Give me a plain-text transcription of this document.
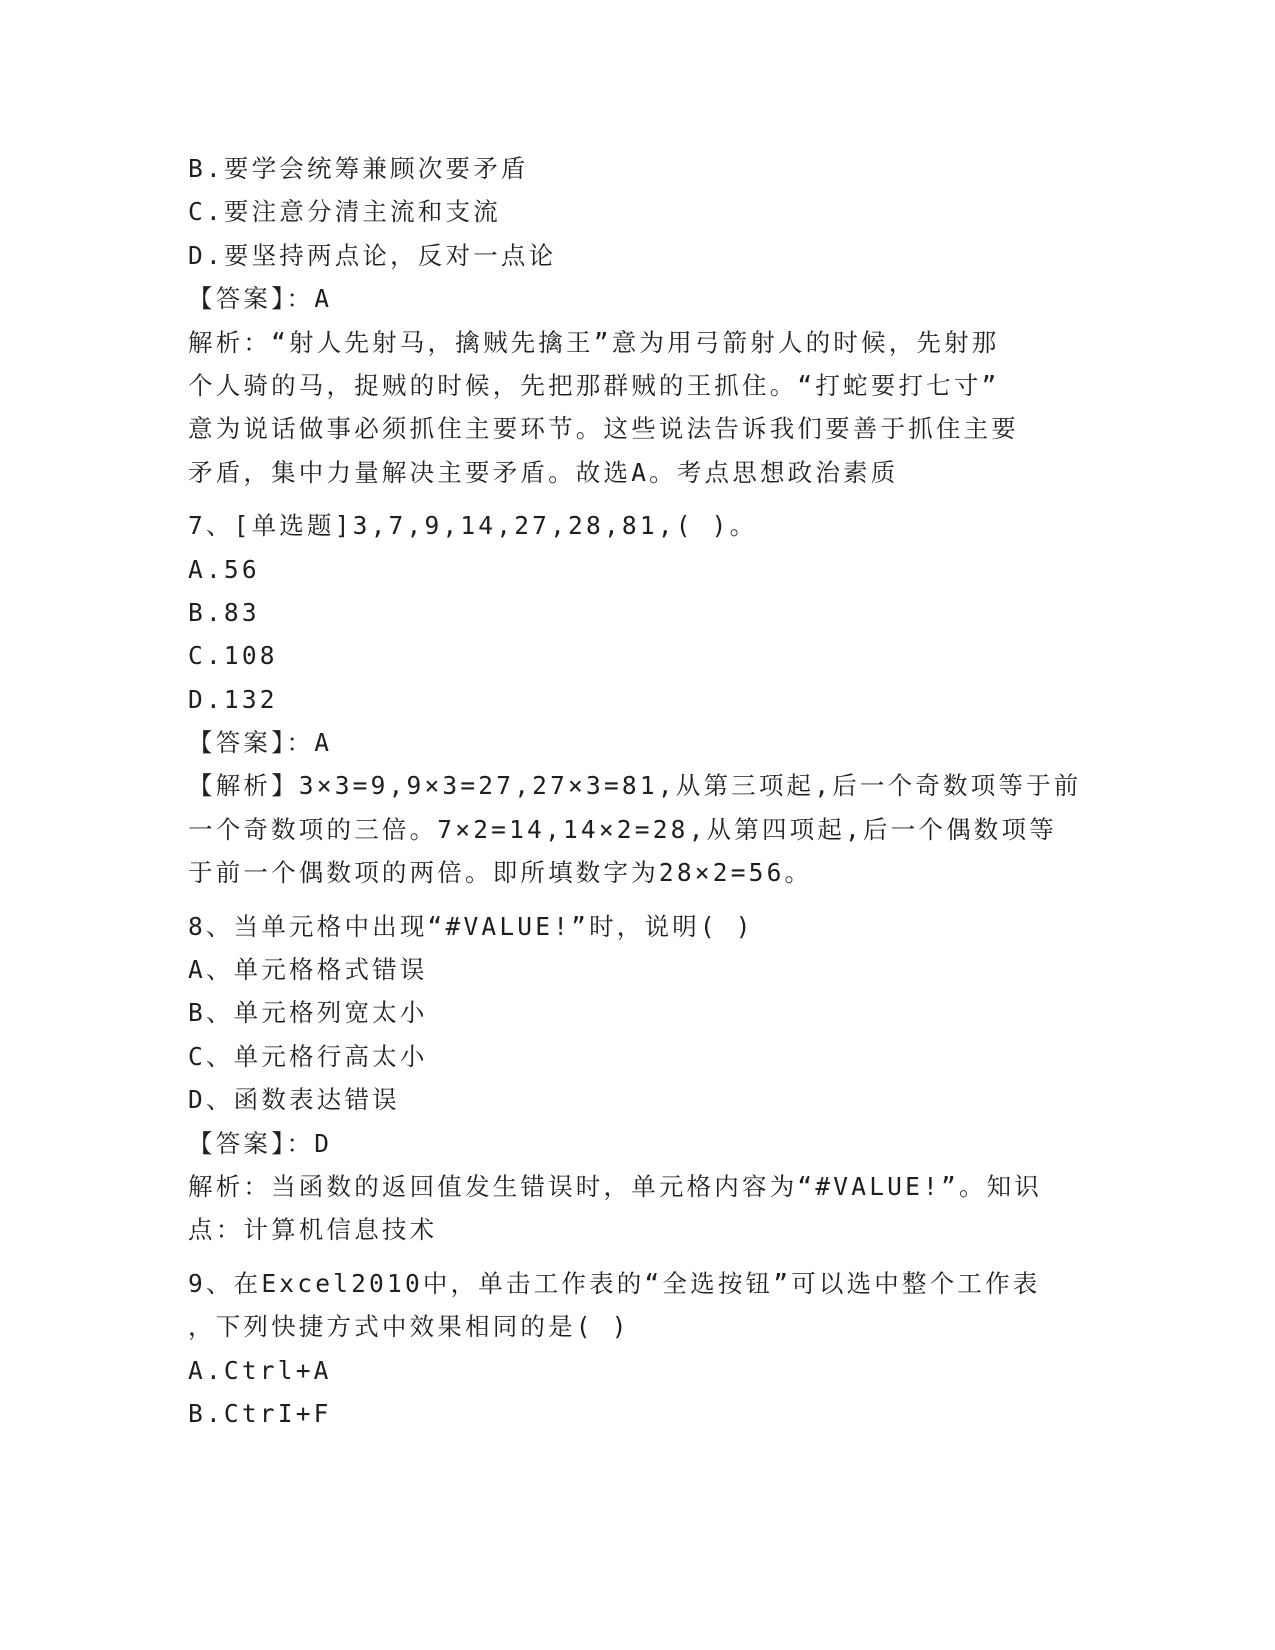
B.要学会统筹兼顾次要矛盾
C.要注意分清主流和支流
D.要坚持两点论，反对一点论
【答案】：A
解析：“射人先射马，擒贼先擒王”意为用弓箭射人的时候，先射那
个人骑的马，捉贼的时候，先把那群贼的王抓住。“打蛇要打七寸”
意为说话做事必须抓住主要环节。这些说法告诉我们要善于抓住主要
矛盾，集中力量解决主要矛盾。故选A。考点思想政治素质
7、[单选题]3,7,9,14,27,28,81,( )。
A.56
B.83
C.108
D.132
【答案】：A
【解析】3×3=9,9×3=27,27×3=81,从第三项起,后一个奇数项等于前
一个奇数项的三倍。7×2=14,14×2=28,从第四项起,后一个偶数项等
于前一个偶数项的两倍。即所填数字为28×2=56。
8、当单元格中出现“#VALUE!”时，说明( )
A、单元格格式错误
B、单元格列宽太小
C、单元格行高太小
D、函数表达错误
【答案】：D
解析：当函数的返回值发生错误时，单元格内容为“#VALUE!”。知识
点：计算机信息技术
9、在Excel2010中，单击工作表的“全选按钮”可以选中整个工作表
，下列快捷方式中效果相同的是( )
A.Ctrl+A
B.CtrI+F
